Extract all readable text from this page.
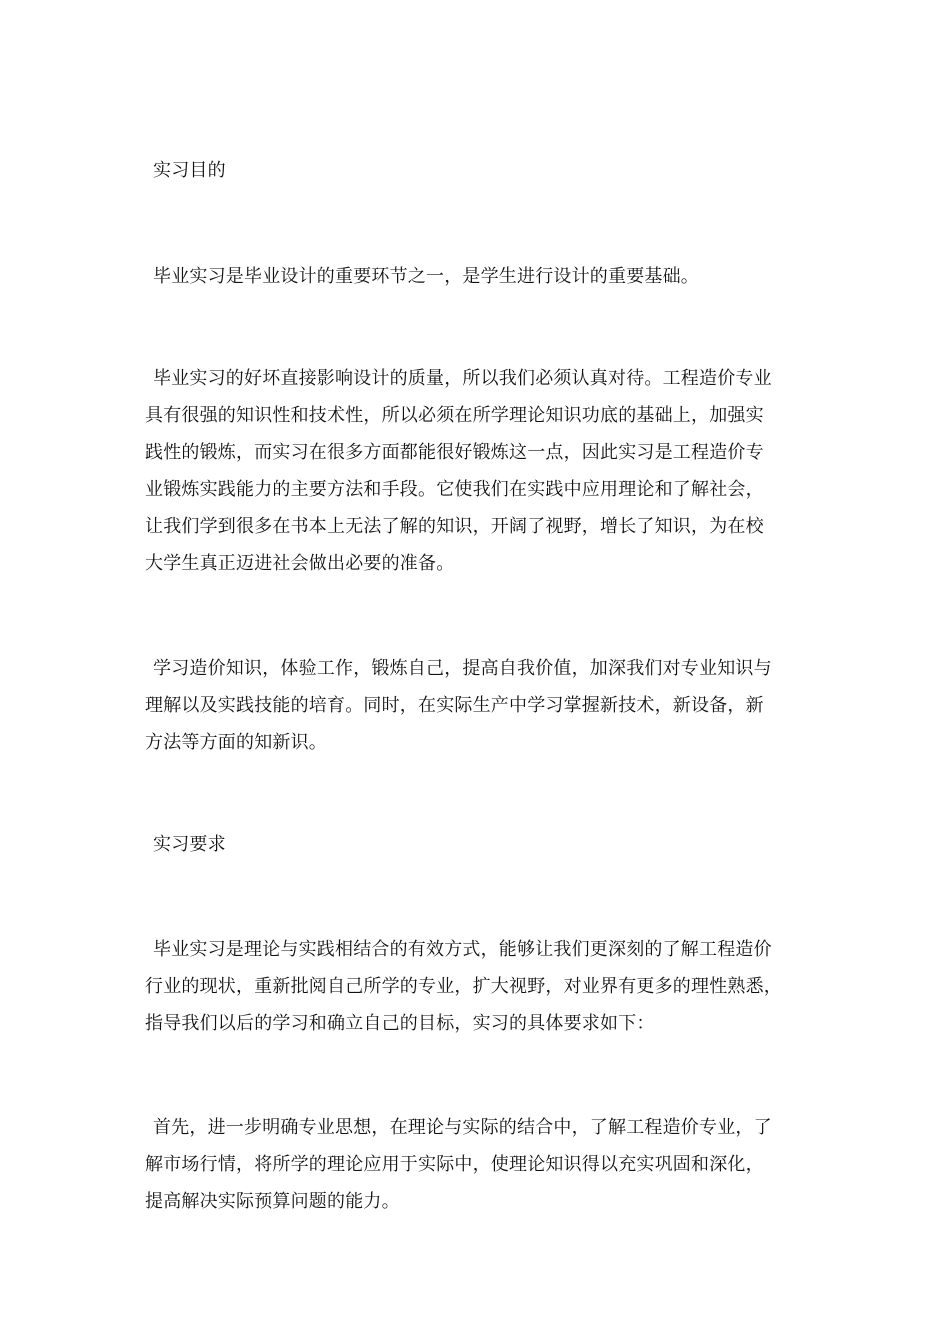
实习目的
毕业实习是毕业设计的重要环节之一，是学生进行设计的重要基础。
毕业实习的好坏直接影响设计的质量，所以我们必须认真对待。工程造价专业
具有很强的知识性和技术性，所以必须在所学理论知识功底的基础上，加强实
践性的锻炼，而实习在很多方面都能很好锻炼这一点，因此实习是工程造价专
业锻炼实践能力的主要方法和手段。它使我们在实践中应用理论和了解社会，
让我们学到很多在书本上无法了解的知识，开阔了视野，增长了知识，为在校
大学生真正迈进社会做出必要的准备。
学习造价知识，体验工作，锻炼自己，提高自我价值，加深我们对专业知识与
理解以及实践技能的培育。同时，在实际生产中学习掌握新技术，新设备，新
方法等方面的知新识。
实习要求
毕业实习是理论与实践相结合的有效方式，能够让我们更深刻的了解工程造价
行业的现状，重新批阅自己所学的专业，扩大视野，对业界有更多的理性熟悉，
指导我们以后的学习和确立自己的目标，实习的具体要求如下：
首先，进一步明确专业思想，在理论与实际的结合中，了解工程造价专业，了
解市场行情，将所学的理论应用于实际中，使理论知识得以充实巩固和深化，
提高解决实际预算问题的能力。
